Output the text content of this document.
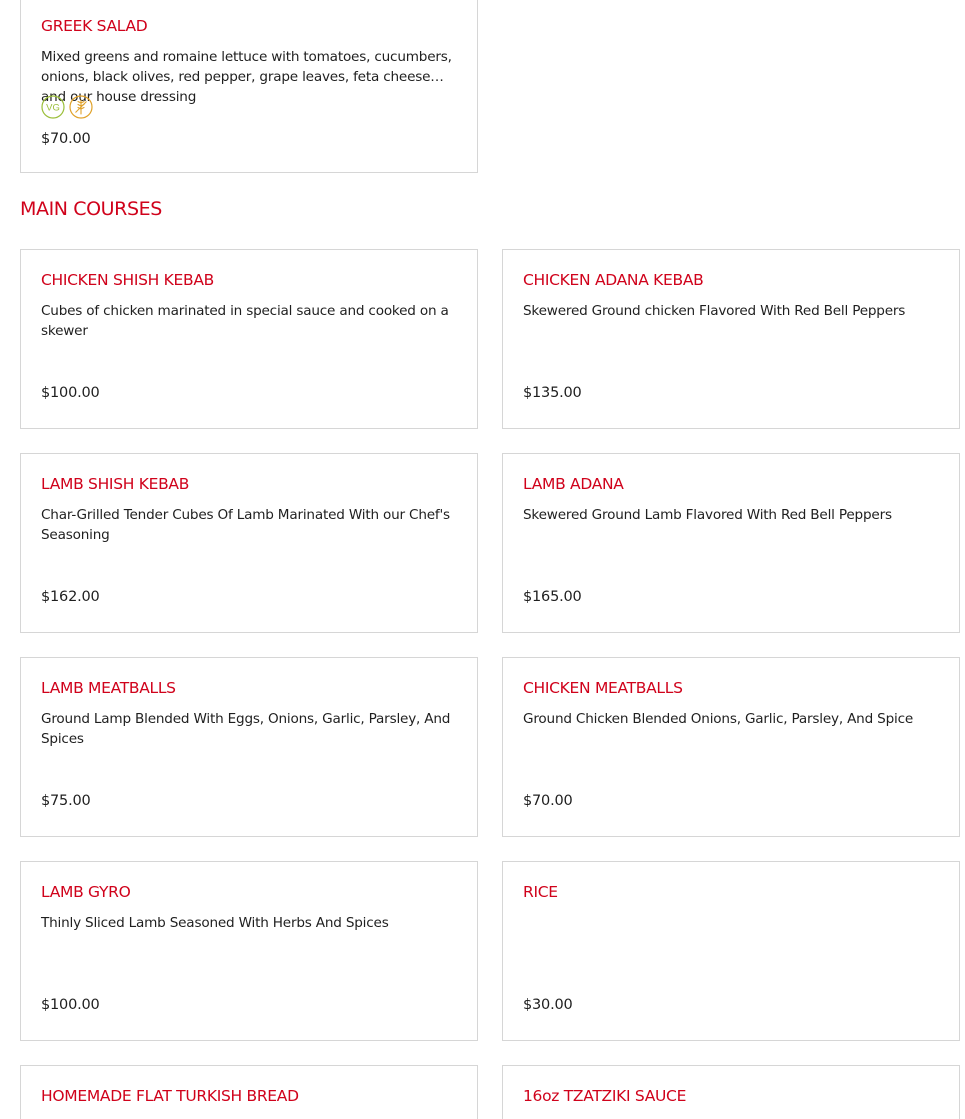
GREEK SALAD
Mixed greens and romaine lettuce with tomatoes, cucumbers, onions, black olives, red pepper, grape leaves, feta cheese and our house dressing
VG
$70.00
MAIN COURSES
CHICKEN SHISH KEBAB
Cubes of chicken marinated in special sauce and cooked on a skewer
$100.00
CHICKEN ADANA KEBAB
Skewered Ground chicken Flavored With Red Bell Peppers
$135.00
LAMB SHISH KEBAB
Char-Grilled Tender Cubes Of Lamb Marinated With our Chef's Seasoning
$162.00
LAMB ADANA
Skewered Ground Lamb Flavored With Red Bell Peppers
$165.00
LAMB MEATBALLS
Ground Lamp Blended With Eggs, Onions, Garlic, Parsley, And Spices
$75.00
CHICKEN MEATBALLS
Ground Chicken Blended Onions, Garlic, Parsley, And Spice
$70.00
LAMB GYRO
Thinly Sliced Lamb Seasoned With Herbs And Spices
$100.00
RICE
$30.00
HOMEMADE FLAT TURKISH BREAD	16oz TZATZIKI SAUCE
